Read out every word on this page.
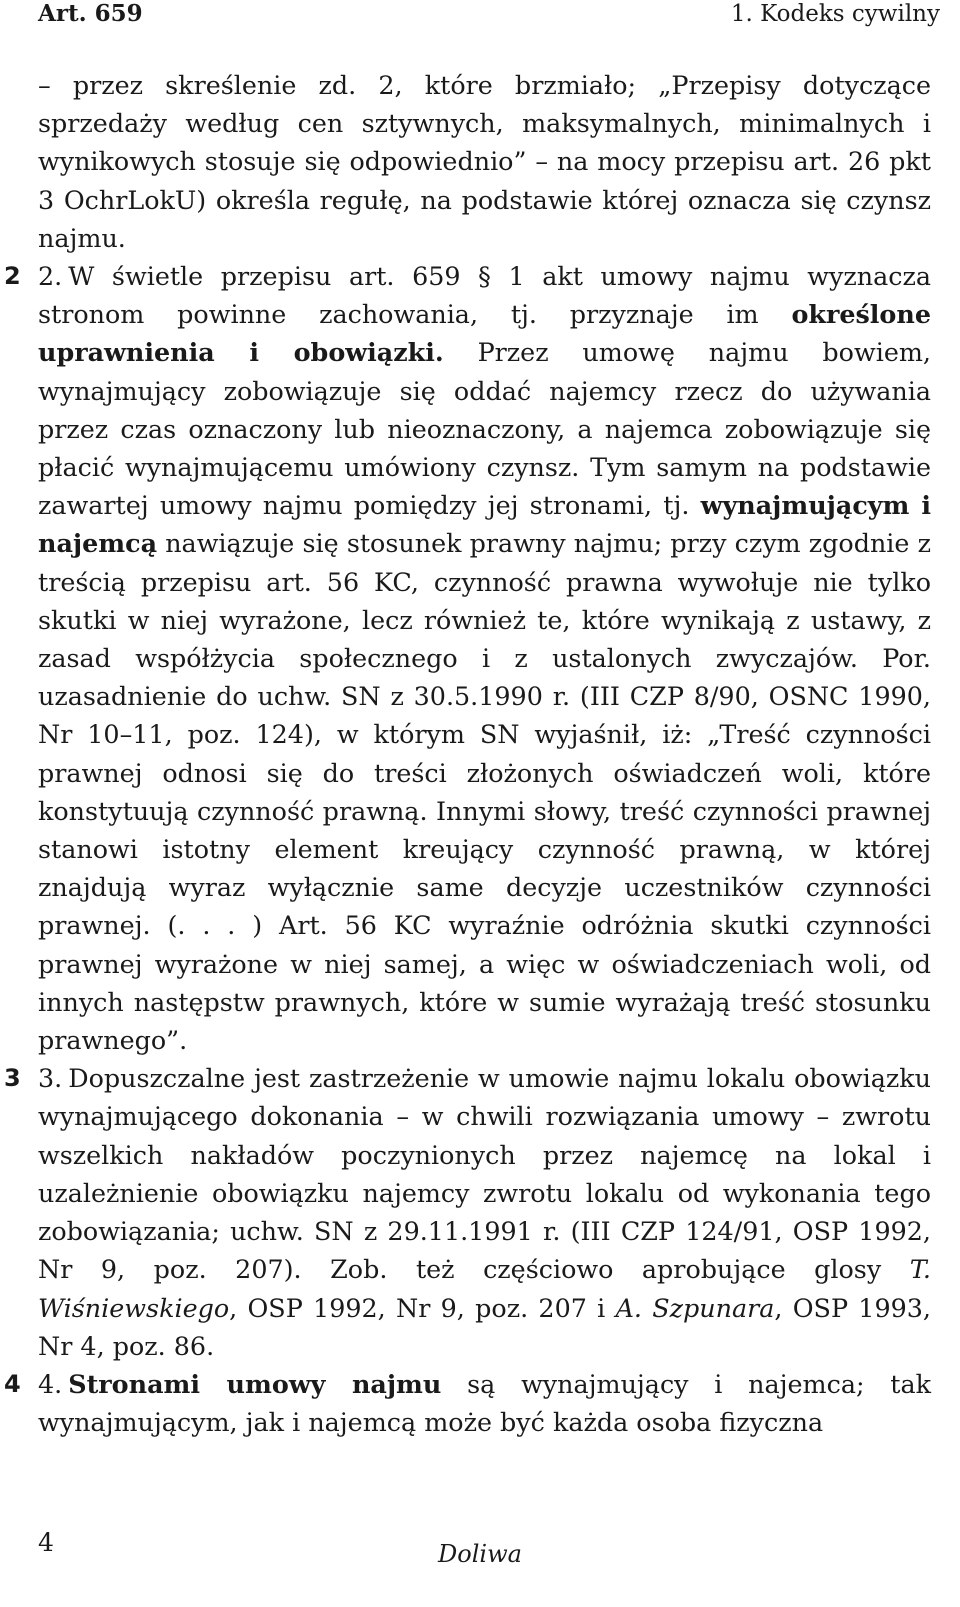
Art. 659	1. Kodeks cywilny

– przez skreślenie zd. 2, które brzmiało; „Przepisy dotyczące sprzedaży według cen sztywnych, maksymalnych, minimalnych i wynikowych stosuje się odpowiednio” – na mocy przepisu art. 26 pkt 3 OchrLokU) określa regułę, na podstawie której oznacza się czynsz najmu.

2 2. W świetle przepisu art. 659 § 1 akt umowy najmu wyznacza stronom powinne zachowania, tj. przyznaje im określone uprawnienia i obowiązki. Przez umowę najmu bowiem, wynajmujący zobowiązuje się oddać najemcy rzecz do używania przez czas oznaczony lub nieoznaczony, a najemca zobowiązuje się płacić wynajmującemu umówiony czynsz. Tym samym na podstawie zawartej umowy najmu pomiędzy jej stronami, tj. wynajmującym i najemcą nawiązuje się stosunek prawny najmu; przy czym zgodnie z treścią przepisu art. 56 KC, czynność prawna wywołuje nie tylko skutki w niej wyrażone, lecz również te, które wynikają z ustawy, z zasad współżycia społecznego i z ustalonych zwyczajów. Por. uzasadnienie do uchw. SN z 30.5.1990 r. (III CZP 8/90, OSNC 1990, Nr 10–11, poz. 124), w którym SN wyjaśnił, iż: „Treść czynności prawnej odnosi się do treści złożonych oświadczeń woli, które konstytuują czynność prawną. Innymi słowy, treść czynności prawnej stanowi istotny element kreujący czynność prawną, w której znajdują wyraz wyłącznie same decyzje uczestników czynności prawnej. (. . . ) Art. 56 KC wyraźnie odróżnia skutki czynności prawnej wyrażone w niej samej, a więc w oświadczeniach woli, od innych następstw prawnych, które w sumie wyrażają treść stosunku prawnego”.

3 3. Dopuszczalne jest zastrzeżenie w umowie najmu lokalu obowiązku wynajmującego dokonania – w chwili rozwiązania umowy – zwrotu wszelkich nakładów poczynionych przez najemcę na lokal i uzależnienie obowiązku najemcy zwrotu lokalu od wykonania tego zobowiązania; uchw. SN z 29.11.1991 r. (III CZP 124/91, OSP 1992, Nr 9, poz. 207). Zob. też częściowo aprobujące glosy T. Wiśniewskiego, OSP 1992, Nr 9, poz. 207 i A. Szpunara, OSP 1993, Nr 4, poz. 86.

4 4. Stronami umowy najmu są wynajmujący i najemca; tak wynajmującym, jak i najemcą może być każda osoba fizyczna

4	Doliwa
